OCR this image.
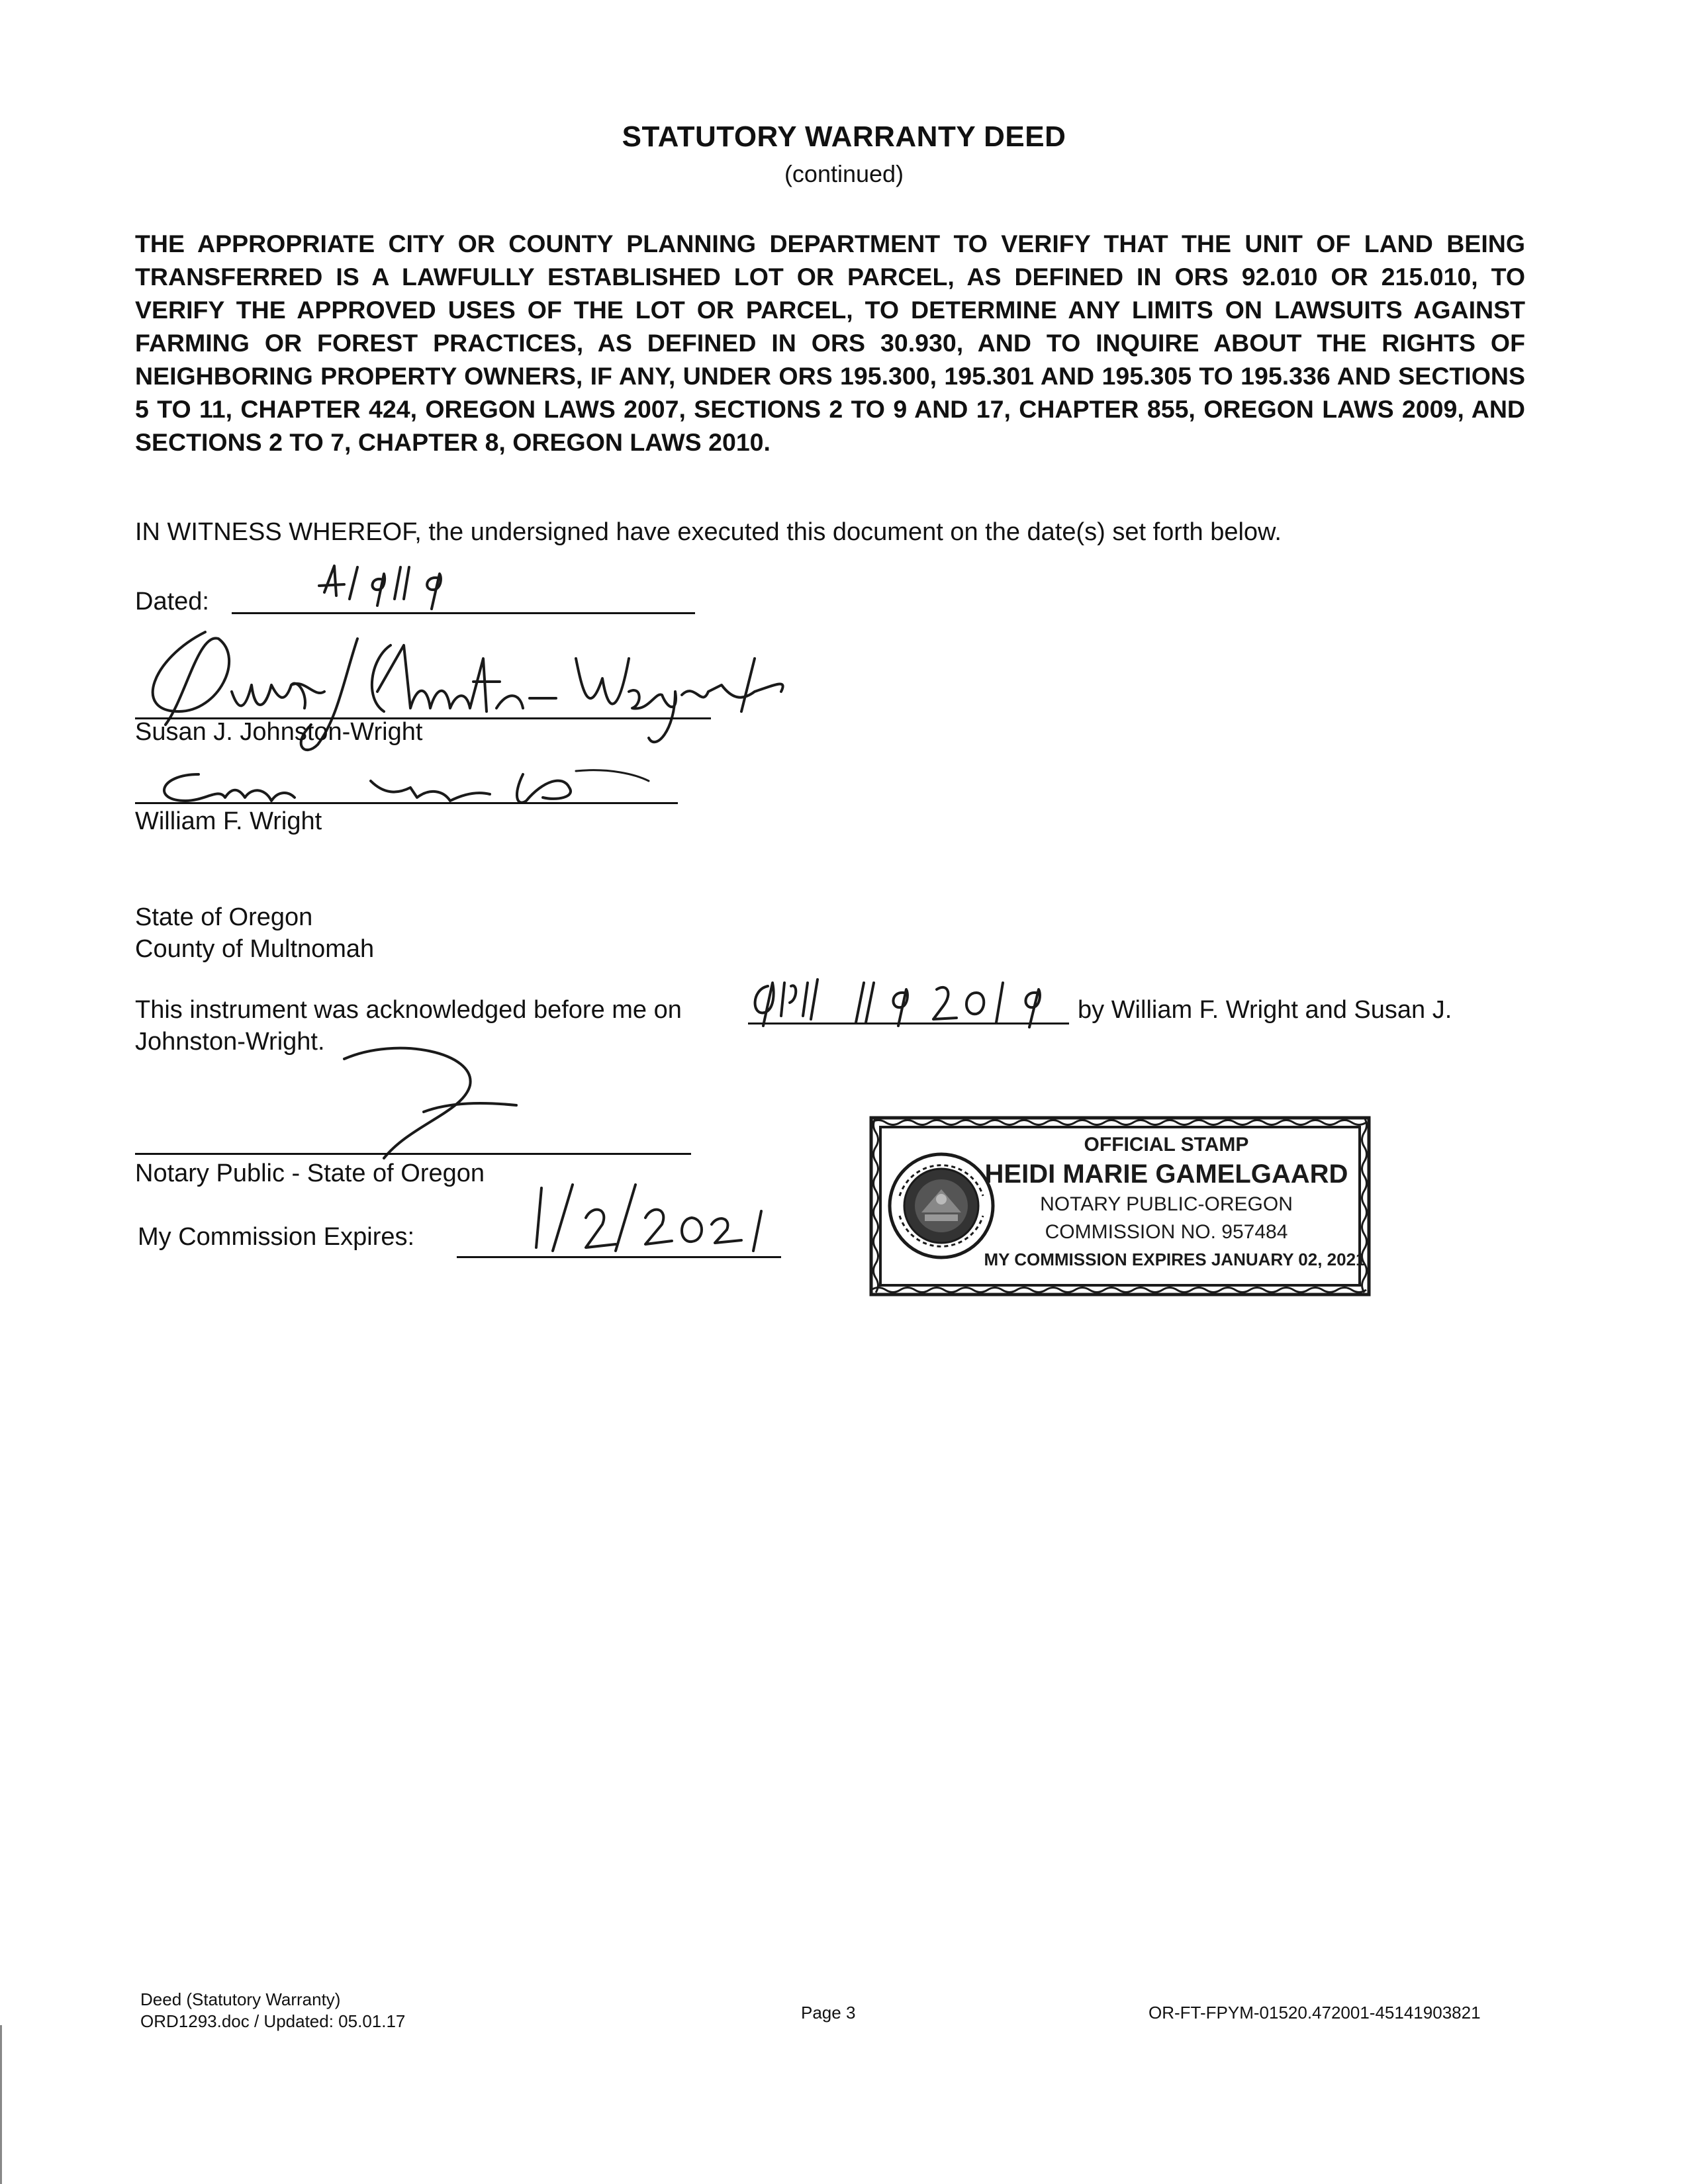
STATUTORY WARRANTY DEED
(continued)
THE APPROPRIATE CITY OR COUNTY PLANNING DEPARTMENT TO VERIFY THAT THE UNIT OF LAND BEING TRANSFERRED IS A LAWFULLY ESTABLISHED LOT OR PARCEL, AS DEFINED IN ORS 92.010 OR 215.010, TO VERIFY THE APPROVED USES OF THE LOT OR PARCEL, TO DETERMINE ANY LIMITS ON LAWSUITS AGAINST FARMING OR FOREST PRACTICES, AS DEFINED IN ORS 30.930, AND TO INQUIRE ABOUT THE RIGHTS OF NEIGHBORING PROPERTY OWNERS, IF ANY, UNDER ORS 195.300, 195.301 AND 195.305 TO 195.336 AND SECTIONS 5 TO 11, CHAPTER 424, OREGON LAWS 2007, SECTIONS 2 TO 9 AND 17, CHAPTER 855, OREGON LAWS 2009, AND SECTIONS 2 TO 7, CHAPTER 8, OREGON LAWS 2010.
IN WITNESS WHEREOF, the undersigned have executed this document on the date(s) set forth below.
Dated:
Susan J. Johnston-Wright
William F. Wright
State of Oregon
County of Multnomah
This instrument was acknowledged before me on	by William F. Wright and Susan J.
Johnston-Wright.
Notary Public - State of Oregon
My Commission Expires:
OFFICIAL STAMP
HEIDI MARIE GAMELGAARD
NOTARY PUBLIC-OREGON
COMMISSION NO. 957484
MY COMMISSION EXPIRES JANUARY 02, 2021
Deed (Statutory Warranty)
ORD1293.doc / Updated: 05.01.17	Page 3	OR-FT-FPYM-01520.472001-45141903821
